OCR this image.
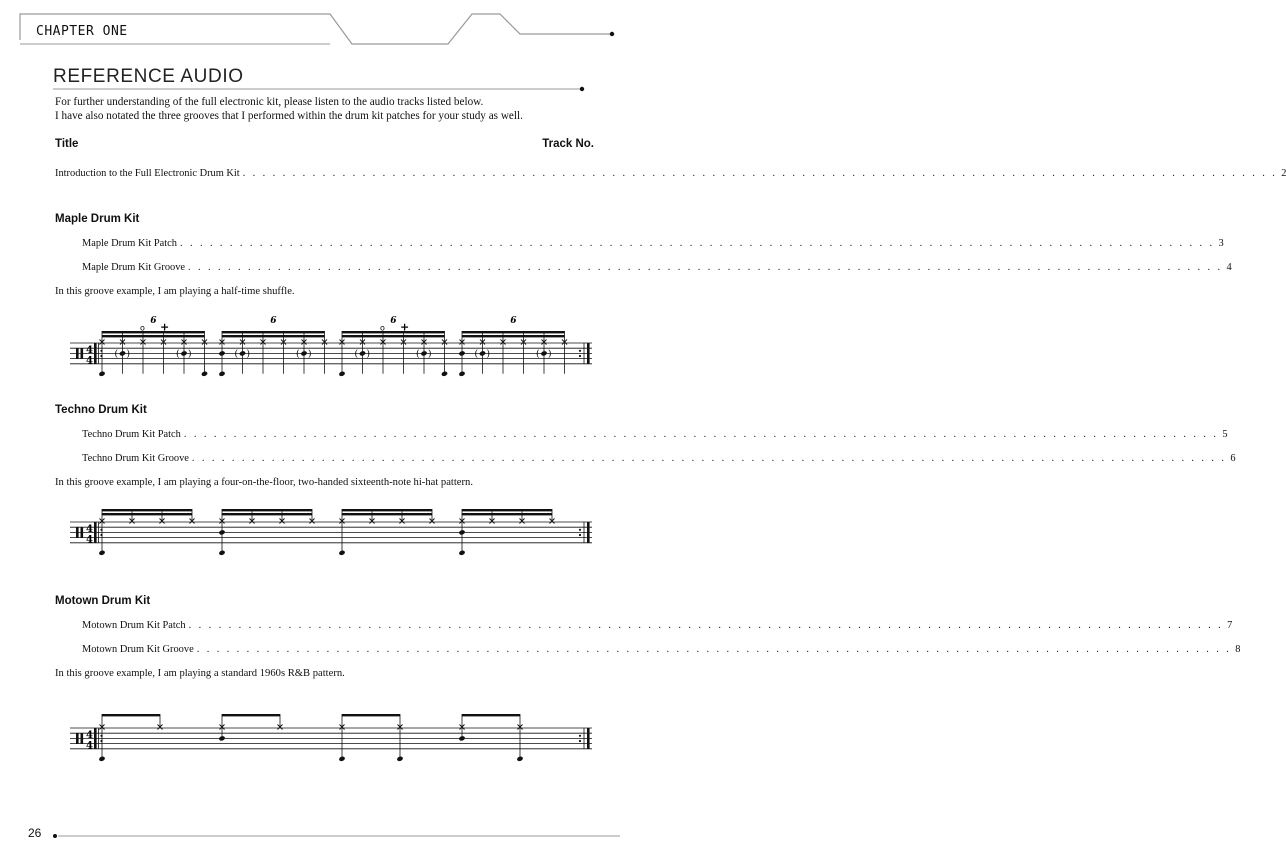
CHAPTER ONE
REFERENCE AUDIO
For further understanding of the full electronic kit, please listen to the audio tracks listed below.
I have also notated the three grooves that I performed within the drum kit patches for your study as well.
Title	Track No.
Introduction to the Full Electronic Drum Kit . . . . . . . . . . . . . . . . . . . . . . . . . . . . . . . . . . . . . . . . . . . . . . . . . . . . . . . . . . . . . . . . . . . . . . . . . . . . . . . . . . . . . . . . . . . . . . . . . . . . . . . . 2
Maple Drum Kit
Maple Drum Kit Patch . . . . . . . . . . . . . . . . . . . . . . . . . . . . . . . . . . . . . . . . . . . . . . . . . . . . . . . . . . . . . . . . . . . . . . . . . . . . . . . . . . . . . . . . . . . . . . . . . . . . . . . . 3
Maple Drum Kit Groove . . . . . . . . . . . . . . . . . . . . . . . . . . . . . . . . . . . . . . . . . . . . . . . . . . . . . . . . . . . . . . . . . . . . . . . . . . . . . . . . . . . . . . . . . . . . . . . . . . . . . . . . 4
In this groove example, I am playing a half-time shuffle.
4
4
6
( )	( )
o +	6
( )	( )
6
( )	( )
o +	6
( )	( )
Techno Drum Kit
Techno Drum Kit Patch . . . . . . . . . . . . . . . . . . . . . . . . . . . . . . . . . . . . . . . . . . . . . . . . . . . . . . . . . . . . . . . . . . . . . . . . . . . . . . . . . . . . . . . . . . . . . . . . . . . . . . . . 5
Techno Drum Kit Groove . . . . . . . . . . . . . . . . . . . . . . . . . . . . . . . . . . . . . . . . . . . . . . . . . . . . . . . . . . . . . . . . . . . . . . . . . . . . . . . . . . . . . . . . . . . . . . . . . . . . . . . . 6
In this groove example, I am playing a four-on-the-floor, two-handed sixteenth-note hi-hat pattern.
4
4
Motown Drum Kit
Motown Drum Kit Patch . . . . . . . . . . . . . . . . . . . . . . . . . . . . . . . . . . . . . . . . . . . . . . . . . . . . . . . . . . . . . . . . . . . . . . . . . . . . . . . . . . . . . . . . . . . . . . . . . . . . . . . . 7
Motown Drum Kit Groove . . . . . . . . . . . . . . . . . . . . . . . . . . . . . . . . . . . . . . . . . . . . . . . . . . . . . . . . . . . . . . . . . . . . . . . . . . . . . . . . . . . . . . . . . . . . . . . . . . . . . . . . 8
In this groove example, I am playing a standard 1960s R&B pattern.
4
4
26
